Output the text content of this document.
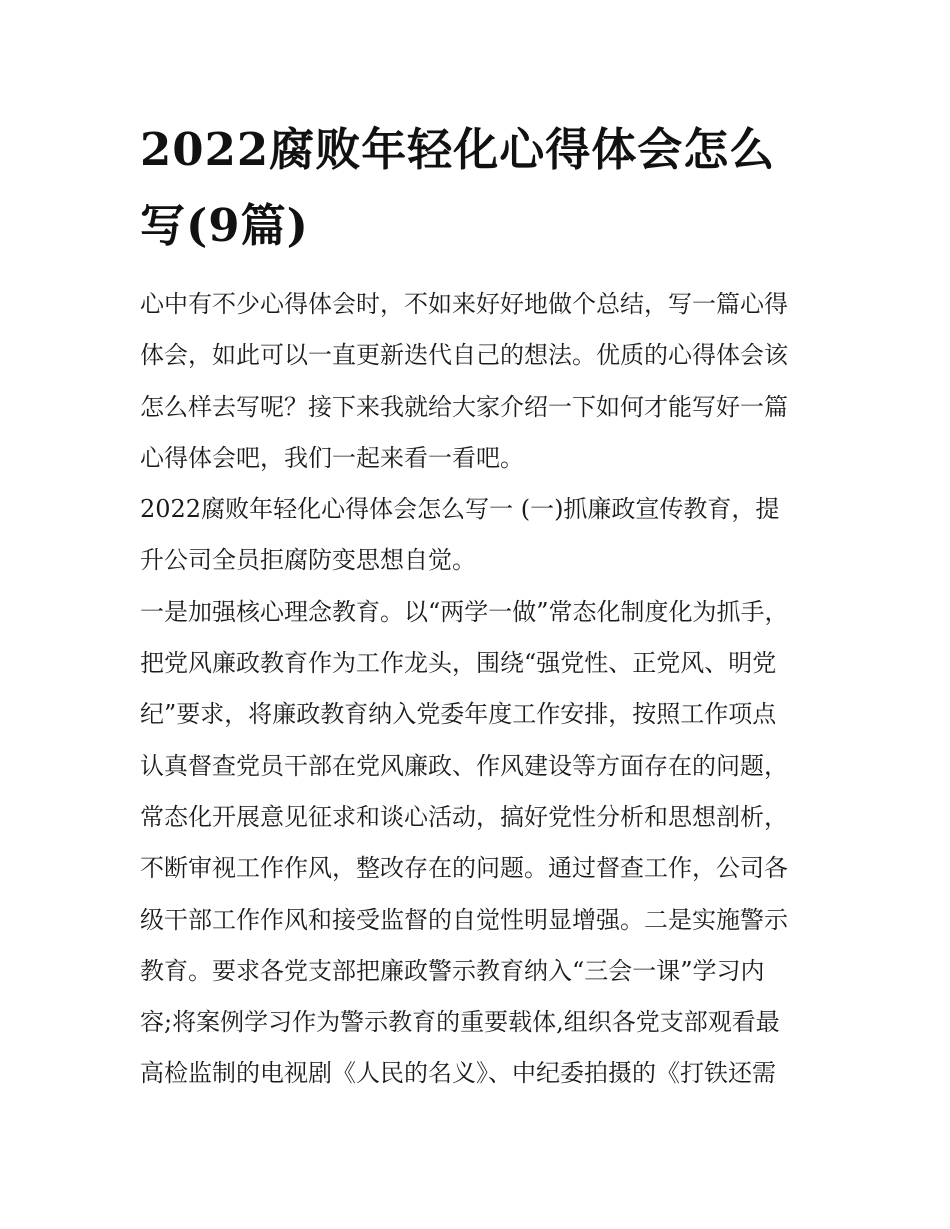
2022腐败年轻化心得体会怎么
写(9篇)
心中有不少心得体会时，不如来好好地做个总结，写一篇心得
体会，如此可以一直更新迭代自己的想法。优质的心得体会该
怎么样去写呢？接下来我就给大家介绍一下如何才能写好一篇
心得体会吧，我们一起来看一看吧。
2022腐败年轻化心得体会怎么写一 (一)抓廉政宣传教育，提
升公司全员拒腐防变思想自觉。
一是加强核心理念教育。以“两学一做”常态化制度化为抓手，
把党风廉政教育作为工作龙头，围绕“强党性、正党风、明党
纪”要求，将廉政教育纳入党委年度工作安排，按照工作项点
认真督查党员干部在党风廉政、作风建设等方面存在的问题，
常态化开展意见征求和谈心活动，搞好党性分析和思想剖析，
不断审视工作作风，整改存在的问题。通过督查工作，公司各
级干部工作作风和接受监督的自觉性明显增强。二是实施警示
教育。要求各党支部把廉政警示教育纳入“三会一课”学习内
容;将案例学习作为警示教育的重要载体,组织各党支部观看最
高检监制的电视剧《人民的名义》、中纪委拍摄的《打铁还需
